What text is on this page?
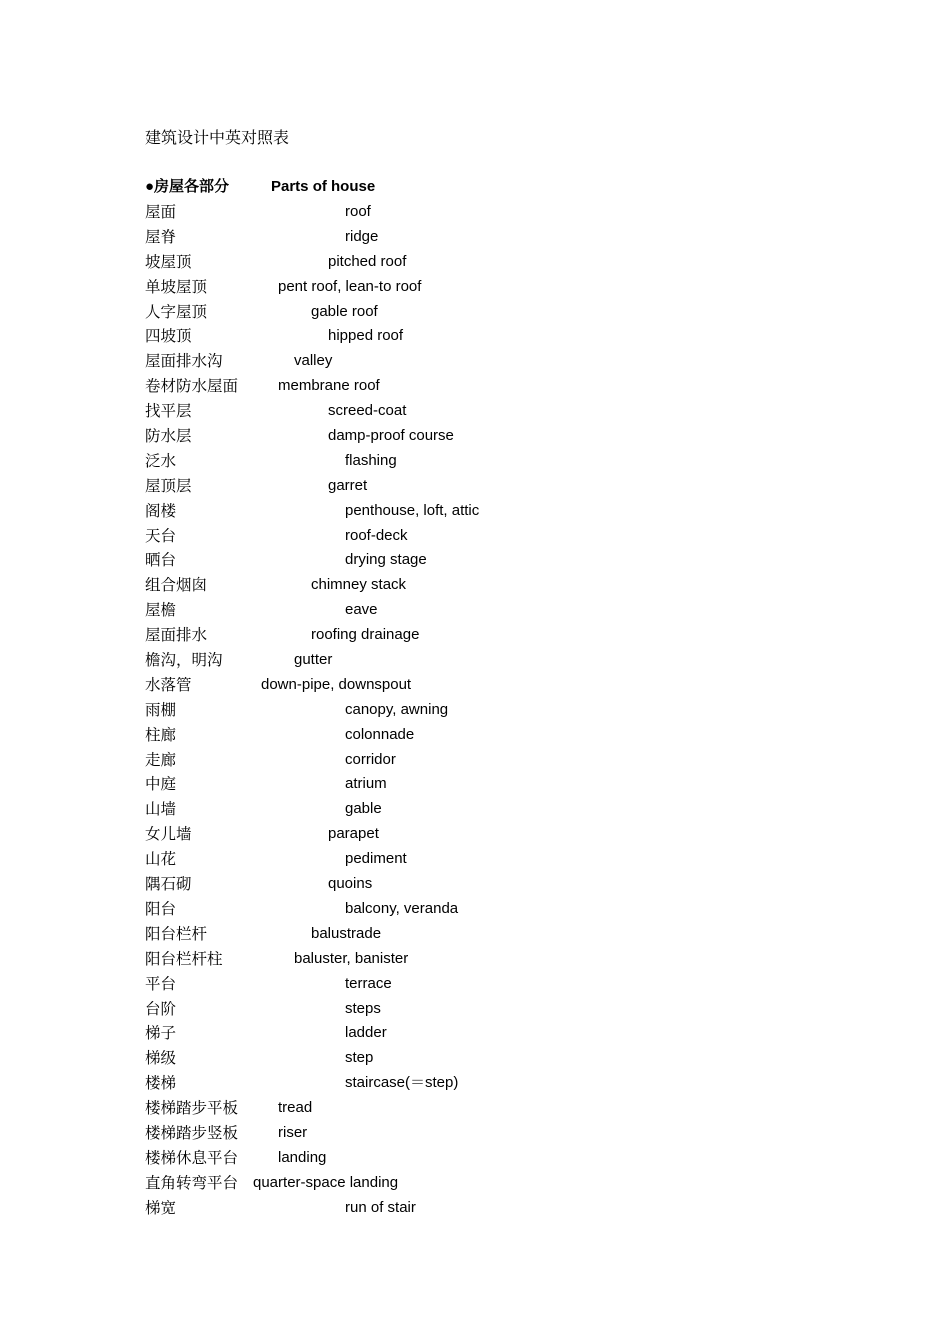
建筑设计中英对照表
●房屋各部分	Parts of house
屋面	roof
屋脊	ridge
坡屋顶	pitched roof
单坡屋顶	pent roof, lean-to roof
人字屋顶	gable roof
四坡顶	hipped roof
屋面排水沟	valley
卷材防水屋面	membrane roof
找平层	screed-coat
防水层	damp-proof course
泛水	flashing
屋顶层	garret
阁楼	penthouse, loft, attic
天台	roof-deck
晒台	drying stage
组合烟囱	chimney stack
屋檐	eave
屋面排水	roofing drainage
檐沟，明沟	gutter
水落管	down-pipe, downspout
雨棚	canopy, awning
柱廊	colonnade
走廊	corridor
中庭	atrium
山墙	gable
女儿墙	parapet
山花	pediment
隅石砌	quoins
阳台	balcony, veranda
阳台栏杆	balustrade
阳台栏杆柱	baluster, banister
平台	terrace
台阶	steps
梯子	ladder
梯级	step
楼梯	staircase(＝step)
楼梯踏步平板	tread
楼梯踏步竖板	riser
楼梯休息平台	landing
直角转弯平台 quarter-space landing
梯宽	run of stair
